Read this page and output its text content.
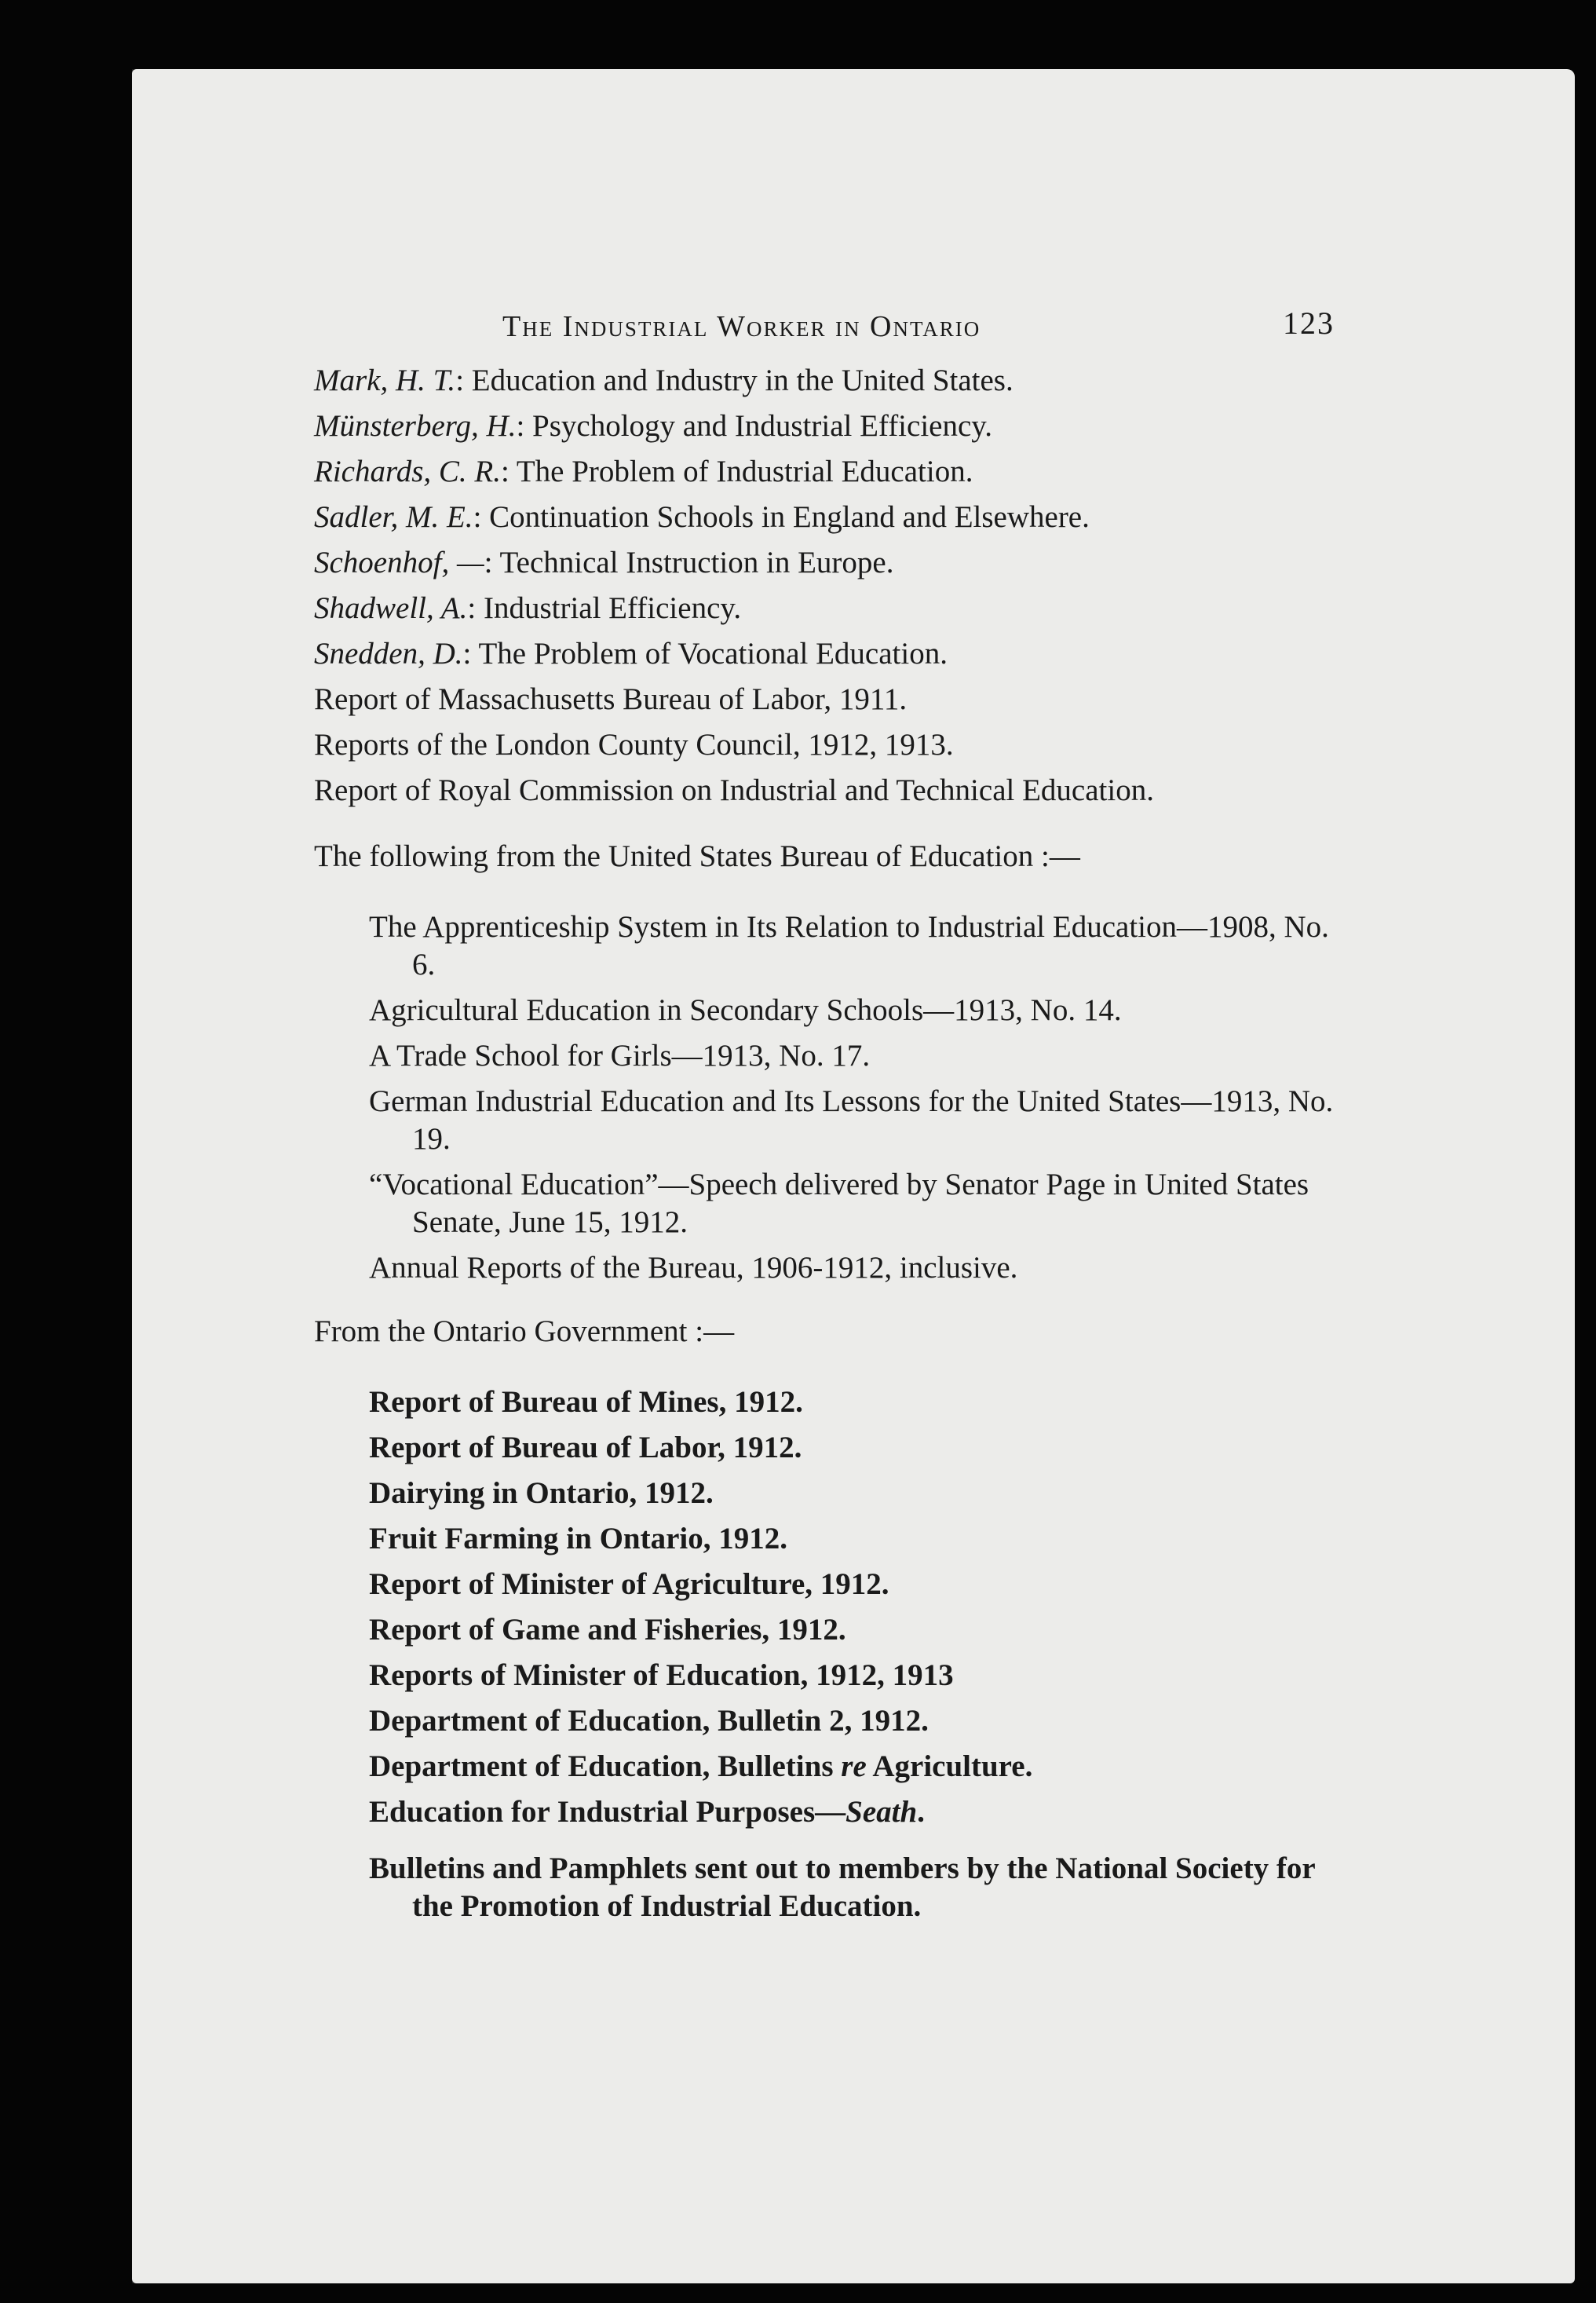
The Industrial Worker in Ontario	123

Mark, H. T.: Education and Industry in the United States.

Münsterberg, H.: Psychology and Industrial Efficiency.

Richards, C. R.: The Problem of Industrial Education.

Sadler, M. E.: Continuation Schools in England and Elsewhere.

Schoenhof, —: Technical Instruction in Europe.

Shadwell, A.: Industrial Efficiency.

Snedden, D.: The Problem of Vocational Education.

Report of Massachusetts Bureau of Labor, 1911.

Reports of the London County Council, 1912, 1913.

Report of Royal Commission on Industrial and Technical Education.

The following from the United States Bureau of Education :—

The Apprenticeship System in Its Relation to Industrial Education—1908, No. 6.

Agricultural Education in Secondary Schools—1913, No. 14.

A Trade School for Girls—1913, No. 17.

German Industrial Education and Its Lessons for the United States—1913, No. 19.

“Vocational Education”—Speech delivered by Senator Page in United States Senate, June 15, 1912.

Annual Reports of the Bureau, 1906-1912, inclusive.

From the Ontario Government :—

Report of Bureau of Mines, 1912.

Report of Bureau of Labor, 1912.

Dairying in Ontario, 1912.

Fruit Farming in Ontario, 1912.

Report of Minister of Agriculture, 1912.

Report of Game and Fisheries, 1912.

Reports of Minister of Education, 1912, 1913

Department of Education, Bulletin 2, 1912.

Department of Education, Bulletins re Agriculture.

Education for Industrial Purposes—Seath.

Bulletins and Pamphlets sent out to members by the National Society for the Promotion of Industrial Education.
